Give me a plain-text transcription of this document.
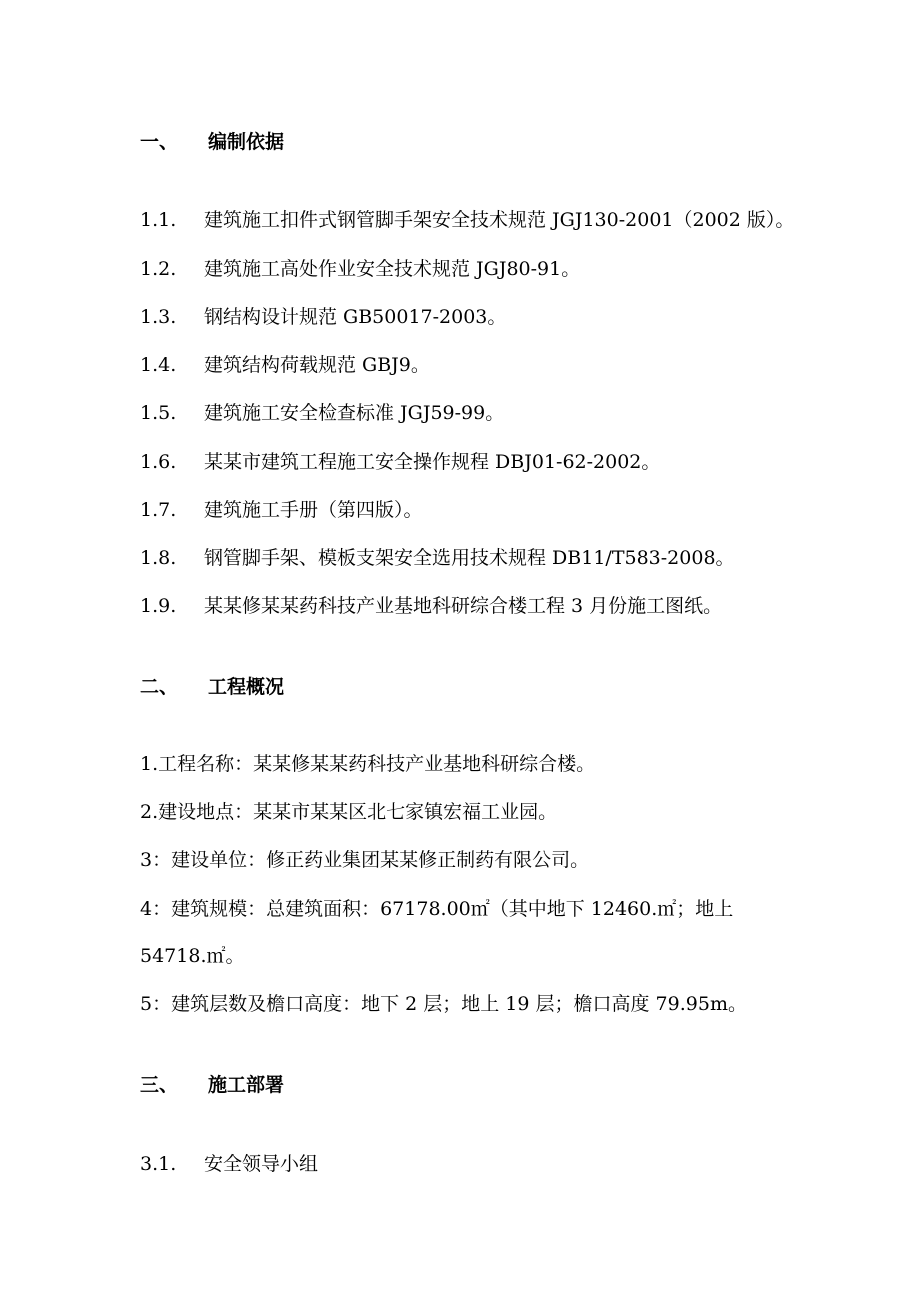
一、 编制依据
1.1. 建筑施工扣件式钢管脚手架安全技术规范 JGJ130-2001（2002 版）。
1.2. 建筑施工高处作业安全技术规范 JGJ80-91。
1.3. 钢结构设计规范 GB50017-2003。
1.4. 建筑结构荷载规范 GBJ9。
1.5. 建筑施工安全检查标准 JGJ59-99。
1.6. 某某市建筑工程施工安全操作规程 DBJ01-62-2002。
1.7. 建筑施工手册（第四版）。
1.8. 钢管脚手架、模板支架安全选用技术规程 DB11/T583-2008。
1.9. 某某修某某药科技产业基地科研综合楼工程 3 月份施工图纸。
二、 工程概况
1.工程名称：某某修某某药科技产业基地科研综合楼。
2.建设地点：某某市某某区北七家镇宏福工业园。
3：建设单位：修正药业集团某某修正制药有限公司。
4：建筑规模：总建筑面积：67178.00㎡（其中地下 12460.㎡；地上
54718.㎡。
5：建筑层数及檐口高度：地下 2 层；地上 19 层；檐口高度 79.95m。
三、 施工部署
3.1. 安全领导小组
